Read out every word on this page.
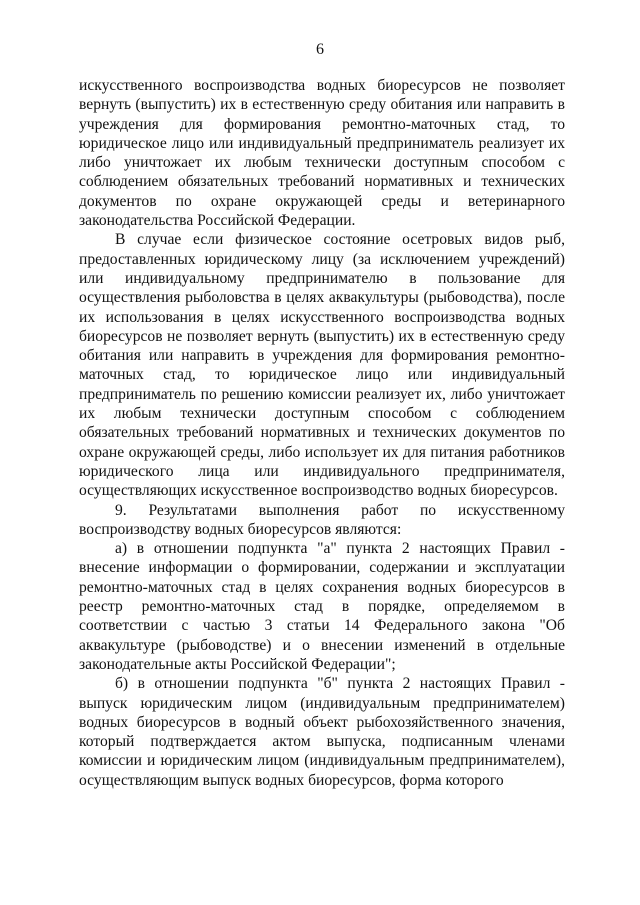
6

искусственного воспроизводства водных биоресурсов не позволяет вернуть (выпустить) их в естественную среду обитания или направить в учреждения для формирования ремонтно-маточных стад, то юридическое лицо или индивидуальный предприниматель реализует их либо уничтожает их любым технически доступным способом с соблюдением обязательных требований нормативных и технических документов по охране окружающей среды и ветеринарного законодательства Российской Федерации.

В случае если физическое состояние осетровых видов рыб, предоставленных юридическому лицу (за исключением учреждений) или индивидуальному предпринимателю в пользование для осуществления рыболовства в целях аквакультуры (рыбоводства), после их использования в целях искусственного воспроизводства водных биоресурсов не позволяет вернуть (выпустить) их в естественную среду обитания или направить в учреждения для формирования ремонтно-маточных стад, то юридическое лицо или индивидуальный предприниматель по решению комиссии реализует их, либо уничтожает их любым технически доступным способом с соблюдением обязательных требований нормативных и технических документов по охране окружающей среды, либо использует их для питания работников юридического лица или индивидуального предпринимателя, осуществляющих искусственное воспроизводство водных биоресурсов.

9. Результатами выполнения работ по искусственному воспроизводству водных биоресурсов являются:

а) в отношении подпункта "а" пункта 2 настоящих Правил - внесение информации о формировании, содержании и эксплуатации ремонтно-маточных стад в целях сохранения водных биоресурсов в реестр ремонтно-маточных стад в порядке, определяемом в соответствии с частью 3 статьи 14 Федерального закона "Об аквакультуре (рыбоводстве) и о внесении изменений в отдельные законодательные акты Российской Федерации";

б) в отношении подпункта "б" пункта 2 настоящих Правил - выпуск юридическим лицом (индивидуальным предпринимателем) водных биоресурсов в водный объект рыбохозяйственного значения, который подтверждается актом выпуска, подписанным членами комиссии и юридическим лицом (индивидуальным предпринимателем), осуществляющим выпуск водных биоресурсов, форма которого
